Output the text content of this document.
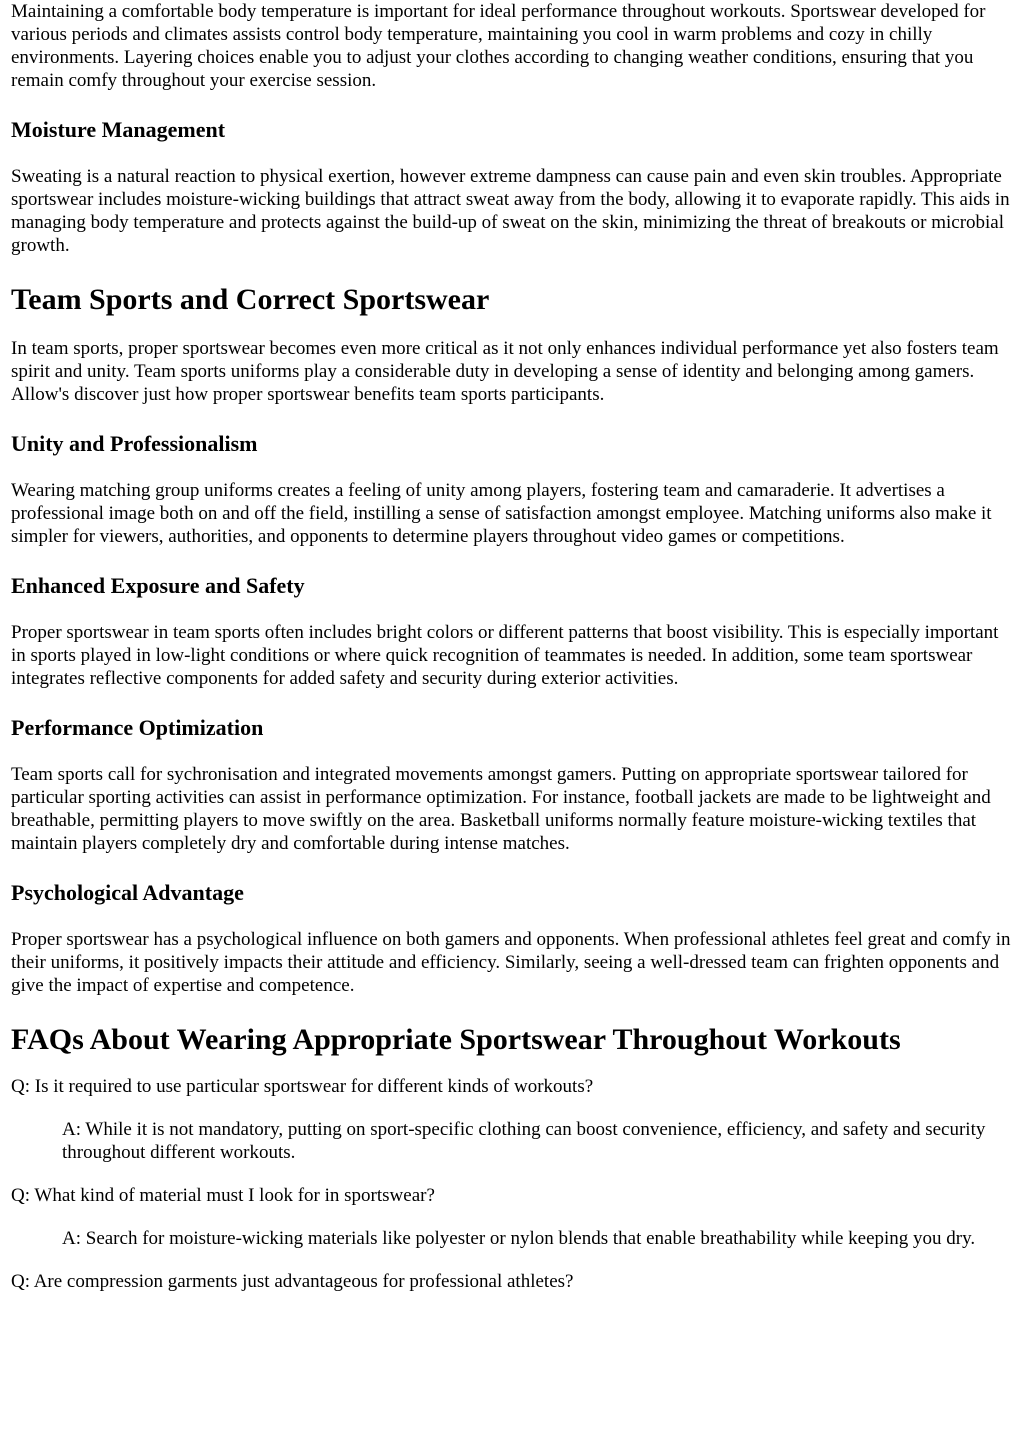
Maintaining a comfortable body temperature is important for ideal performance throughout workouts. Sportswear developed for various periods and climates assists control body temperature, maintaining you cool in warm problems and cozy in chilly environments. Layering choices enable you to adjust your clothes according to changing weather conditions, ensuring that you remain comfy throughout your exercise session.

Moisture Management

Sweating is a natural reaction to physical exertion, however extreme dampness can cause pain and even skin troubles. Appropriate sportswear includes moisture-wicking buildings that attract sweat away from the body, allowing it to evaporate rapidly. This aids in managing body temperature and protects against the build-up of sweat on the skin, minimizing the threat of breakouts or microbial growth.

Team Sports and Correct Sportswear

In team sports, proper sportswear becomes even more critical as it not only enhances individual performance yet also fosters team spirit and unity. Team sports uniforms play a considerable duty in developing a sense of identity and belonging among gamers. Allow's discover just how proper sportswear benefits team sports participants.

Unity and Professionalism

Wearing matching group uniforms creates a feeling of unity among players, fostering team and camaraderie. It advertises a professional image both on and off the field, instilling a sense of satisfaction amongst employee. Matching uniforms also make it simpler for viewers, authorities, and opponents to determine players throughout video games or competitions.

Enhanced Exposure and Safety

Proper sportswear in team sports often includes bright colors or different patterns that boost visibility. This is especially important in sports played in low-light conditions or where quick recognition of teammates is needed. In addition, some team sportswear integrates reflective components for added safety and security during exterior activities.

Performance Optimization

Team sports call for sychronisation and integrated movements amongst gamers. Putting on appropriate sportswear tailored for particular sporting activities can assist in performance optimization. For instance, football jackets are made to be lightweight and breathable, permitting players to move swiftly on the area. Basketball uniforms normally feature moisture-wicking textiles that maintain players completely dry and comfortable during intense matches.

Psychological Advantage

Proper sportswear has a psychological influence on both gamers and opponents. When professional athletes feel great and comfy in their uniforms, it positively impacts their attitude and efficiency. Similarly, seeing a well-dressed team can frighten opponents and give the impact of expertise and competence.

FAQs About Wearing Appropriate Sportswear Throughout Workouts

Q: Is it required to use particular sportswear for different kinds of workouts?

A: While it is not mandatory, putting on sport-specific clothing can boost convenience, efficiency, and safety and security throughout different workouts.

Q: What kind of material must I look for in sportswear?

A: Search for moisture-wicking materials like polyester or nylon blends that enable breathability while keeping you dry.

Q: Are compression garments just advantageous for professional athletes?
